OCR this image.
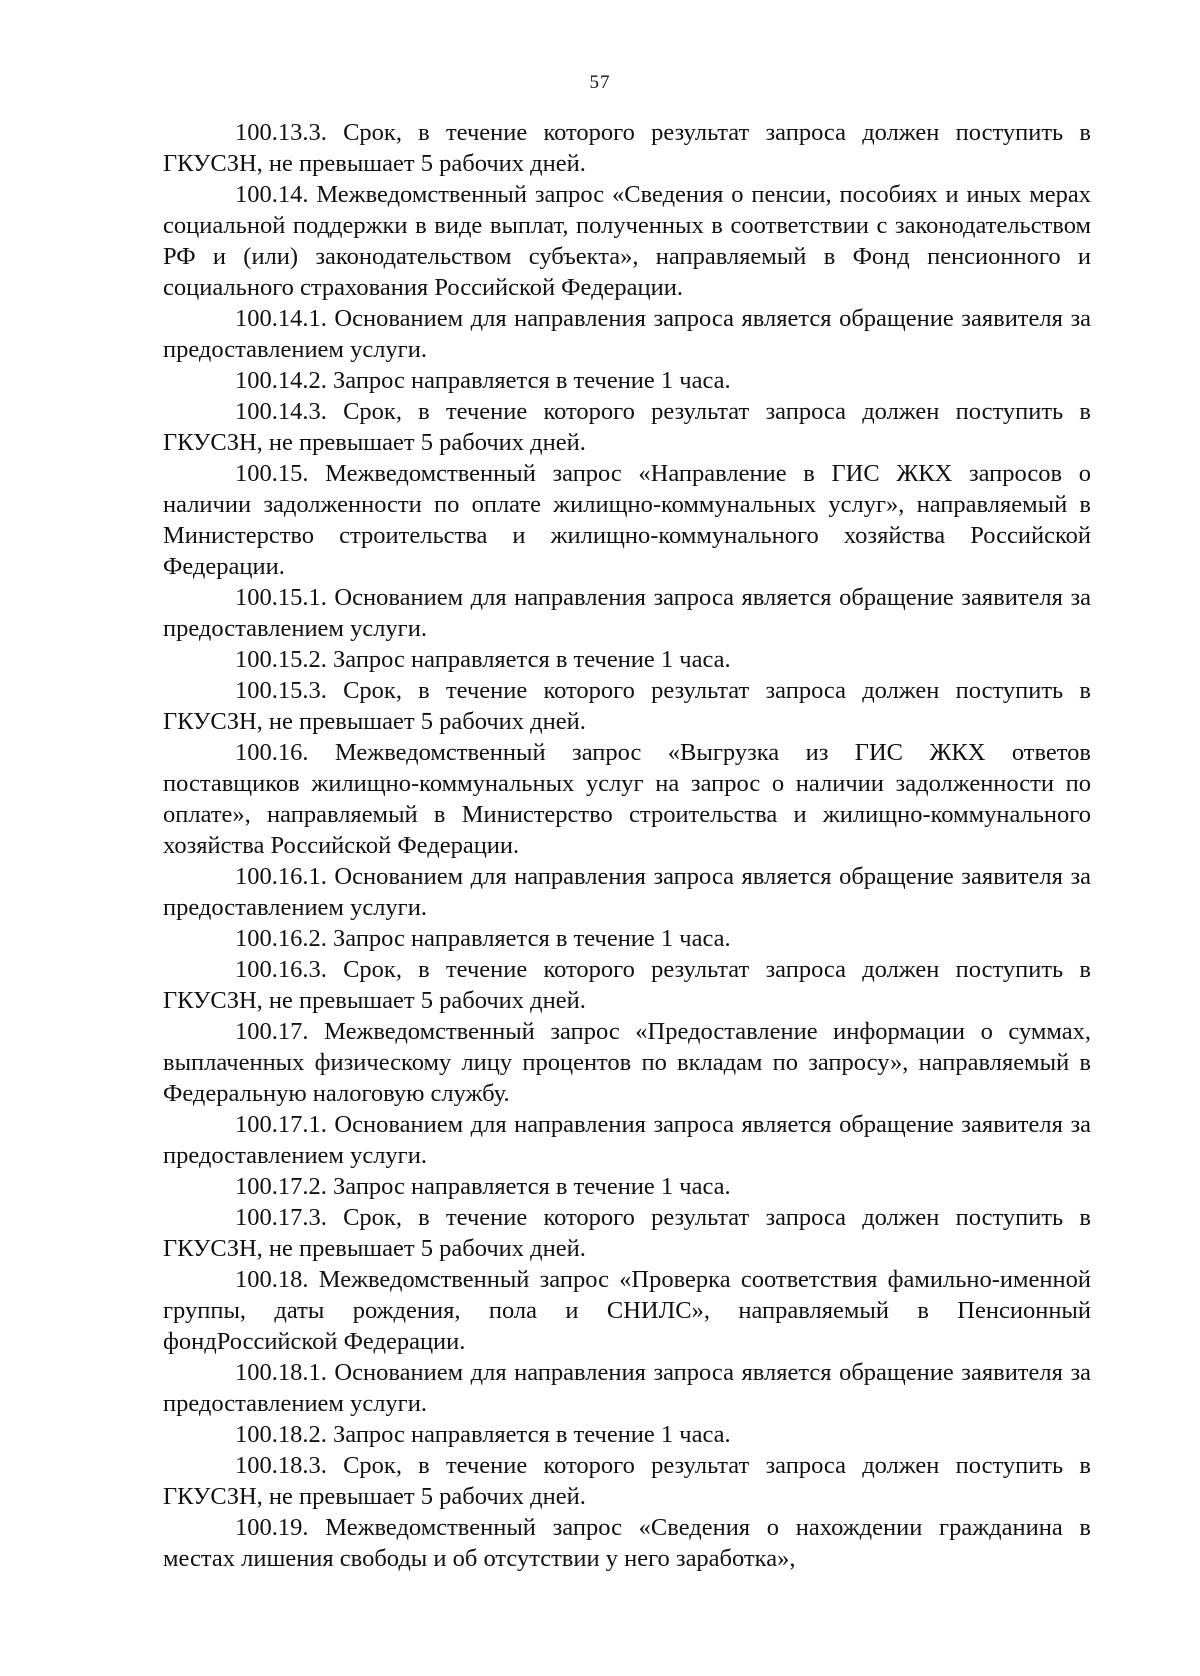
57

100.13.3. Срок, в течение которого результат запроса должен поступить в ГКУСЗН, не превышает 5 рабочих дней.

100.14. Межведомственный запрос «Сведения о пенсии, пособиях и иных мерах социальной поддержки в виде выплат, полученных в соответствии с законодательством РФ и (или) законодательством субъекта», направляемый в Фонд пенсионного и социального страхования Российской Федерации.

100.14.1. Основанием для направления запроса является обращение заявителя за предоставлением услуги.

100.14.2. Запрос направляется в течение 1 часа.

100.14.3. Срок, в течение которого результат запроса должен поступить в ГКУСЗН, не превышает 5 рабочих дней.

100.15. Межведомственный запрос «Направление в ГИС ЖКХ запросов о наличии задолженности по оплате жилищно-коммунальных услуг», направляемый в Министерство строительства и жилищно-коммунального хозяйства Российской Федерации.

100.15.1. Основанием для направления запроса является обращение заявителя за предоставлением услуги.

100.15.2. Запрос направляется в течение 1 часа.

100.15.3. Срок, в течение которого результат запроса должен поступить в ГКУСЗН, не превышает 5 рабочих дней.

100.16. Межведомственный запрос «Выгрузка из ГИС ЖКХ ответов поставщиков жилищно-коммунальных услуг на запрос о наличии задолженности по оплате», направляемый в Министерство строительства и жилищно-коммунального хозяйства Российской Федерации.

100.16.1. Основанием для направления запроса является обращение заявителя за предоставлением услуги.

100.16.2. Запрос направляется в течение 1 часа.

100.16.3. Срок, в течение которого результат запроса должен поступить в ГКУСЗН, не превышает 5 рабочих дней.

100.17. Межведомственный запрос «Предоставление информации о суммах, выплаченных физическому лицу процентов по вкладам по запросу», направляемый в Федеральную налоговую службу.

100.17.1. Основанием для направления запроса является обращение заявителя за предоставлением услуги.

100.17.2. Запрос направляется в течение 1 часа.

100.17.3. Срок, в течение которого результат запроса должен поступить в ГКУСЗН, не превышает 5 рабочих дней.

100.18. Межведомственный запрос «Проверка соответствия фамильно-именной группы, даты рождения, пола и СНИЛС», направляемый в Пенсионный фондРоссийской Федерации.

100.18.1. Основанием для направления запроса является обращение заявителя за предоставлением услуги.

100.18.2. Запрос направляется в течение 1 часа.

100.18.3. Срок, в течение которого результат запроса должен поступить в ГКУСЗН, не превышает 5 рабочих дней.

100.19. Межведомственный запрос «Сведения о нахождении гражданина в местах лишения свободы и об отсутствии у него заработка»,
